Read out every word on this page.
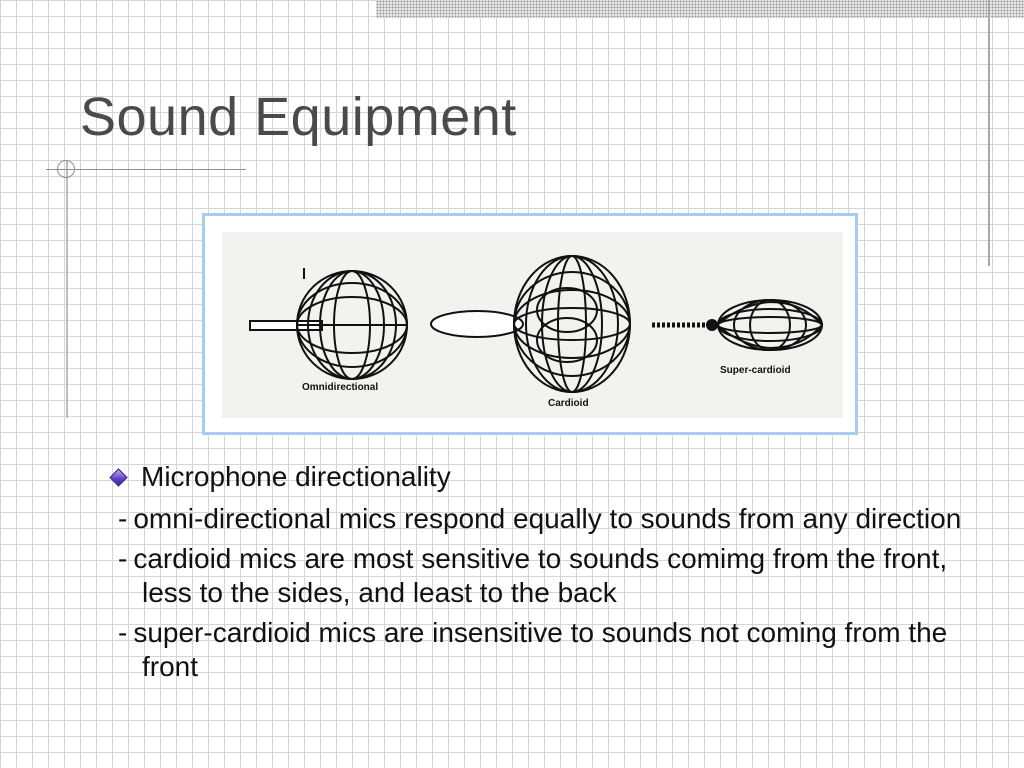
Sound Equipment
Omnidirectional
Cardioid
Super-cardioid
Microphone directionality
- omni-directional mics respond equally to sounds from any direction
- cardioid mics are most sensitive to sounds comimg from the front, less to the sides, and least to the back
- super-cardioid mics are insensitive to sounds not coming from the front
